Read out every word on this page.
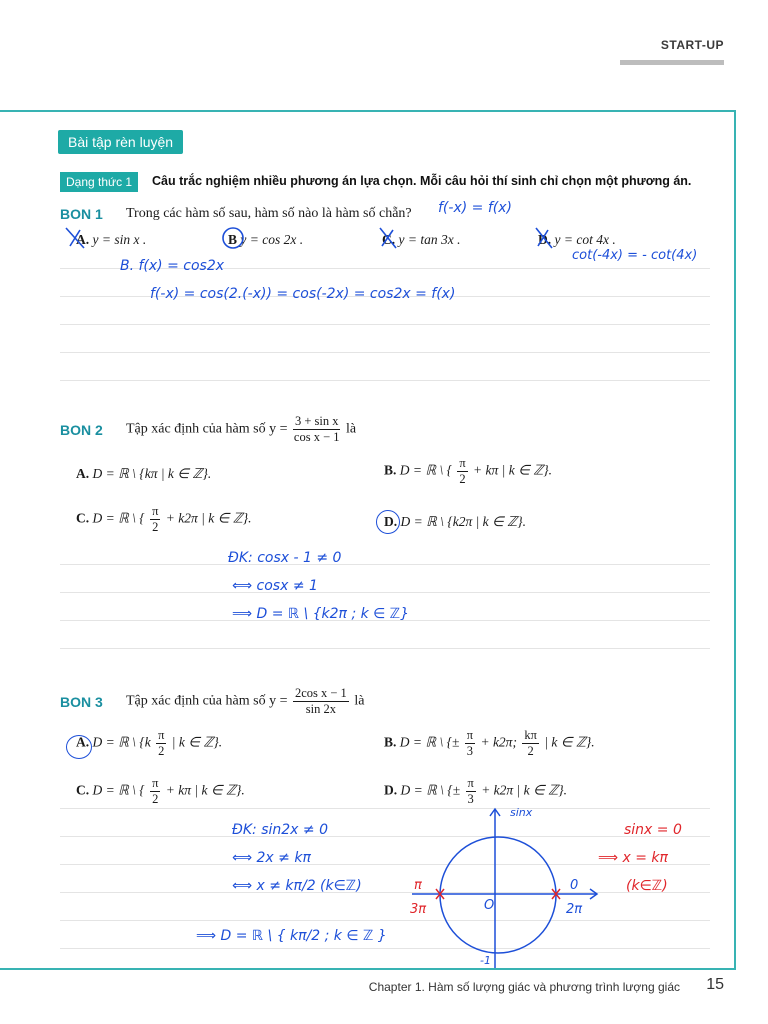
START-UP
Bài tập rèn luyện
Dạng thức 1	Câu trắc nghiệm nhiều phương án lựa chọn. Mỗi câu hỏi thí sinh chỉ chọn một phương án.
BON 1 Trong các hàm số sau, hàm số nào là hàm số chẵn? f(-x) = f(x)
A. y = sin x .	B y = cos 2x .	C. y = tan 3x .	D. y = cot 4x .
B. f(x) = cos2x
cot(-4x) = - cot(4x)
f(-x) = cos(2.(-x)) = cos(-2x) = cos2x = f(x)
BON 2 Tập xác định của hàm số $y = \frac{\text{3 + sin x}}{\text{cos x − 1}}$ là
A. D = ℝ \ {kπ | k ∈ ℤ}.	B. D = ℝ \ { $\frac{\pi}{2} + k\pi$ | k ∈ ℤ}.
C. D = ℝ \ { $\frac{\pi}{2} + k2\pi$ | k ∈ ℤ}.	D. D = ℝ \ {k2π | k ∈ ℤ}.
ĐK: cosx - 1 ≠ 0
⟺ cosx ≠ 1
⟹ D = ℝ \ {k2π ; k ∈ ℤ}
BON 3 Tập xác định của hàm số $y = \frac{\text{2cos x − 1}}{\sin 2x}$ là
A. D = ℝ \ {$k \frac{\pi}{2}$ | k ∈ ℤ}.	B. D = ℝ \ {± $\frac{\pi}{3} + k2\pi$; $\frac{k\pi}{2}$ | k ∈ ℤ}.
C. D = ℝ \ { $\frac{\pi}{2} + k\pi$ | k ∈ ℤ}.	D. D = ℝ \ {± $\frac{\pi}{3} + k2\pi$ | k ∈ ℤ}.
ĐK: sin2x ≠ 0
⟺ 2x ≠ kπ
⟺ x ≠ kπ/2 (k∈ℤ)
⟹ D = ℝ \ { kπ/2 ; k ∈ ℤ }
sinx = 0
⟹ x = kπ
(k∈ℤ)
sinx
π
3π	O
0
2π
-1
Chapter 1. Hàm số lượng giác và phương trình lượng giác 15
